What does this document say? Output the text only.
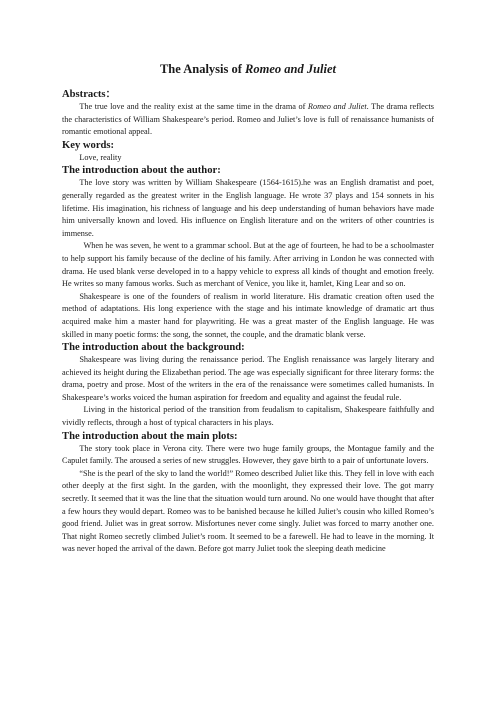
The Analysis of Romeo and Juliet
Abstracts：

The true love and the reality exist at the same time in the drama of Romeo and Juliet. The drama reflects the characteristics of William Shakespeare’s period. Romeo and Juliet’s love is full of renaissance humanists of romantic emotional appeal.

Key words:

Love, reality

The introduction about the author:

The love story was written by William Shakespeare (1564-1615).he was an English dramatist and poet, generally regarded as the greatest writer in the English language. He wrote 37 plays and 154 sonnets in his lifetime. His imagination, his richness of language and his deep understanding of human behaviors have made him universally known and loved. His influence on English literature and on the writers of other countries is immense.

When he was seven, he went to a grammar school. But at the age of fourteen, he had to be a schoolmaster to help support his family because of the decline of his family. After arriving in London he was connected with drama. He used blank verse developed in to a happy vehicle to express all kinds of thought and emotion freely. He writes so many famous works. Such as merchant of Venice, you like it, hamlet, King Lear and so on.

Shakespeare is one of the founders of realism in world literature. His dramatic creation often used the method of adaptations. His long experience with the stage and his intimate knowledge of dramatic art thus acquired make him a master hand for playwriting. He was a great master of the English language. He was skilled in many poetic forms: the song, the sonnet, the couple, and the dramatic blank verse.

The introduction about the background:

Shakespeare was living during the renaissance period. The English renaissance was largely literary and achieved its height during the Elizabethan period. The age was especially significant for three literary forms: the drama, poetry and prose. Most of the writers in the era of the renaissance were sometimes called humanists. In Shakespeare’s works voiced the human aspiration for freedom and equality and against the feudal rule.

Living in the historical period of the transition from feudalism to capitalism, Shakespeare faithfully and vividly reflects, through a host of typical characters in his plays.

The introduction about the main plots:

The story took place in Verona city. There were two huge family groups, the Montague family and the Capulet family. The aroused a series of new struggles. However, they gave birth to a pair of unfortunate lovers.

“She is the pearl of the sky to land the world!” Romeo described Juliet like this. They fell in love with each other deeply at the first sight. In the garden, with the moonlight, they expressed their love. The got marry secretly. It seemed that it was the line that the situation would turn around. No one would have thought that after a few hours they would depart. Romeo was to be banished because he killed Juliet’s cousin who killed Romeo’s good friend. Juliet was in great sorrow. Misfortunes never come singly. Juliet was forced to marry another one. That night Romeo secretly climbed Juliet’s room. It seemed to be a farewell. He had to leave in the morning. It was never hoped the arrival of the dawn. Before got marry Juliet took the sleeping death medicine
